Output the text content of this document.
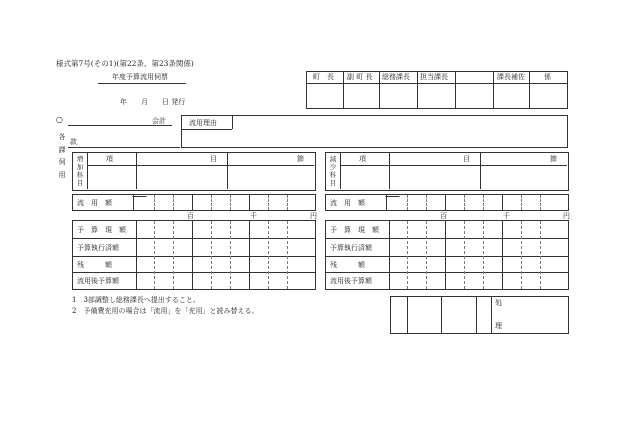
様式第7号(その1)(第22条、第23条関係)
年度予算流用伺票
年　　月　　日 発行
町　長 副 町 長 総務課長 担当課長	課長補佐	係
○
各
課
伺
用
会計
款
流用理由
項	目	節
増
加
科
目
流　用　額
百	千	円
予　算　現　額
予算執行済額
残　　　額
流用後予算額
項	目	節
減
少
科
目
流　用　額
百	千	円
予　算　現　額
予算執行済額
残　　　額
流用後予算額
1　3部調整し総務課長へ提出すること。
2　予備費充用の場合は「流用」を「充用」と読み替える。
処
理
